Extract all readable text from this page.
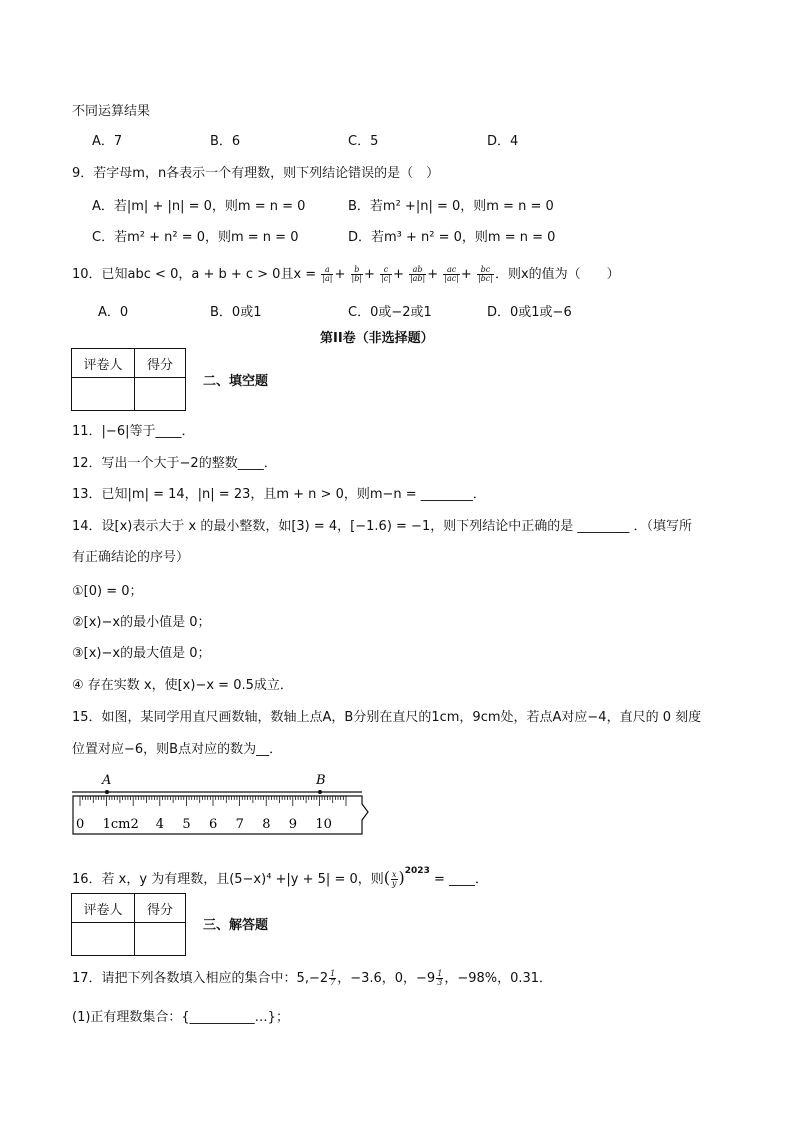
不同运算结果
A．7	B．6	C．5	D．4
9．若字母m，n各表示一个有理数，则下列结论错误的是（　）
A．若|m| + |n| = 0，则m = n = 0	B．若m² +|n| = 0，则m = n = 0
C．若m² + n² = 0，则m = n = 0	D．若m³ + n² = 0，则m = n = 0
10．已知abc < 0，a + b + c > 0且$x = \frac{a}{|a|} + \frac{b}{|b|} + \frac{c}{|c|} + \frac{ab}{|ab|} + \frac{ac}{|ac|} + \frac{bc}{|bc|}$ ．则x的值为（　　）
A．0	B．0或1	C．0或−2或1	D．0或1或−6
第II卷（非选择题）
评卷人	得分

二、填空题
11．|−6|等于____．
12．写出一个大于−2的整数____．
13．已知|m| = 14，|n| = 23，且m + n > 0，则m−n = ________．
14．设[x)表示大于 x 的最小整数，如[3) = 4，[−1.6) = −1，则下列结论中正确的是 ________ ．（填写所
有正确结论的序号）
①[0) = 0；
②[x)−x的最小值是 0；
③[x)−x的最大值是 0；
④ 存在实数 x，使[x)−x = 0.5成立．
15．如图，某同学用直尺画数轴，数轴上点A，B分别在直尺的1cm，9cm处，若点A对应−4，直尺的 0 刻度
位置对应−6，则B点对应的数为__．
A	B
0 1cm2 4 5 6 7 8 9 10
16．若 x，y 为有理数，且(5−x)⁴ +|y + 5| = 0，则( $\frac{x}{y} )^{2023}$ = ____．
评卷人	得分

三、解答题
17．请把下列各数填入相应的集合中：$5,-2 \frac{1}{7}$ ，−3.6，0，$-9 \frac{1}{3}$ ，−98%，0.31．
(1)正有理数集合：{__________…}；
